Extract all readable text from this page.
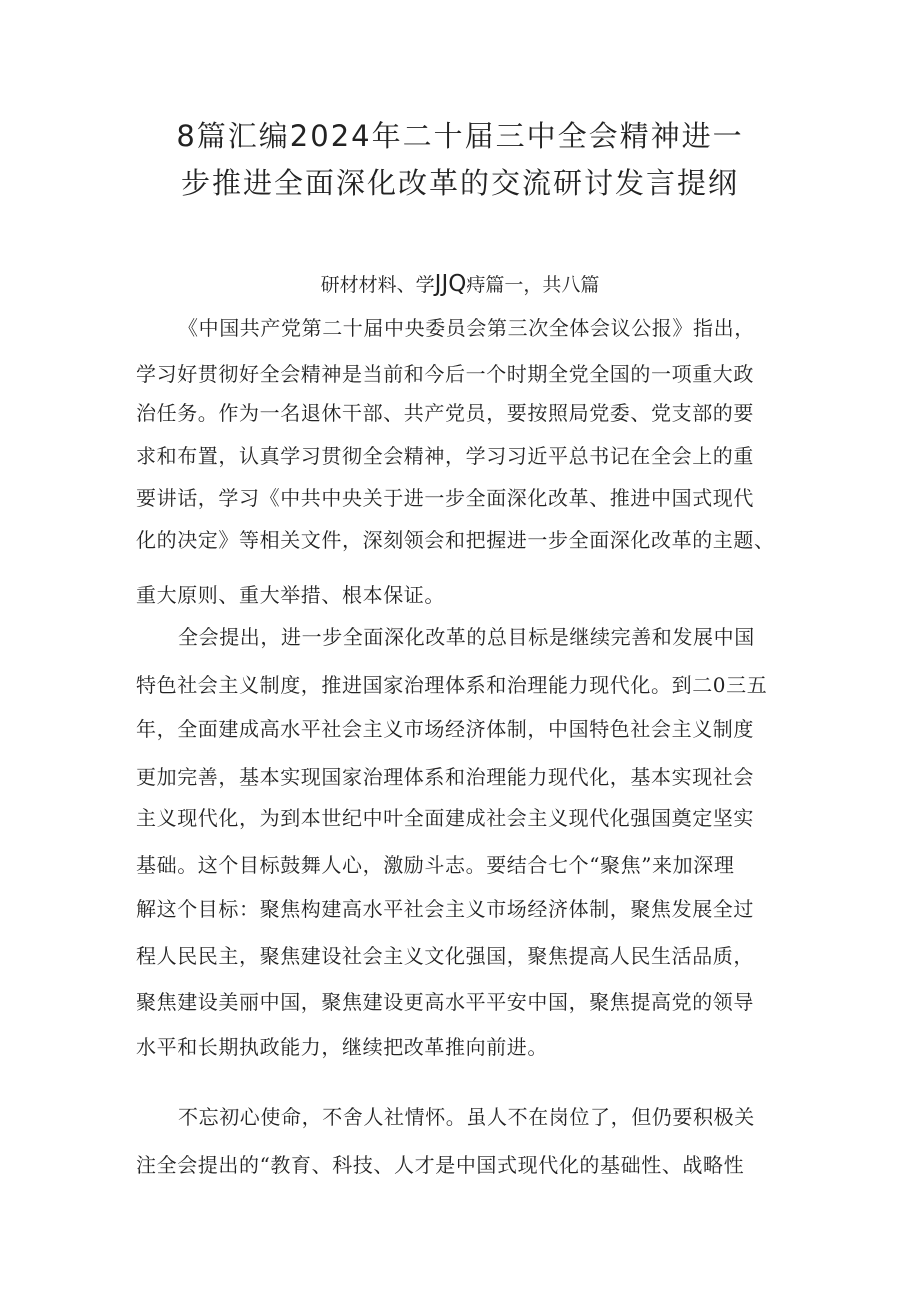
8篇汇编2024年二十届三中全会精神进一
步推进全面深化改革的交流研讨发言提纲
研材材料、学JJQ痔篇一，共八篇
《中国共产党第二十届中央委员会第三次全体会议公报》指出，
学习好贯彻好全会精神是当前和今后一个时期全党全国的一项重大政
治任务。作为一名退休干部、共产党员，要按照局党委、党支部的要
求和布置，认真学习贯彻全会精神，学习习近平总书记在全会上的重
要讲话，学习《中共中央关于进一步全面深化改革、推进中国式现代
化的决定》等相关文件，深刻领会和把握进一步全面深化改革的主题、
重大原则、重大举措、根本保证。
全会提出，进一步全面深化改革的总目标是继续完善和发展中国
特色社会主义制度，推进国家治理体系和治理能力现代化。到二0三五
年，全面建成高水平社会主义市场经济体制，中国特色社会主义制度
更加完善，基本实现国家治理体系和治理能力现代化，基本实现社会
主义现代化，为到本世纪中叶全面建成社会主义现代化强国奠定坚实
基础。这个目标鼓舞人心，激励斗志。要结合七个“聚焦”来加深理
解这个目标：聚焦构建高水平社会主义市场经济体制，聚焦发展全过
程人民民主，聚焦建设社会主义文化强国，聚焦提高人民生活品质，
聚焦建设美丽中国，聚焦建设更高水平平安中国，聚焦提高党的领导
水平和长期执政能力，继续把改革推向前进。
不忘初心使命，不舍人社情怀。虽人不在岗位了，但仍要积极关
注全会提出的“教育、科技、人才是中国式现代化的基础性、战略性
